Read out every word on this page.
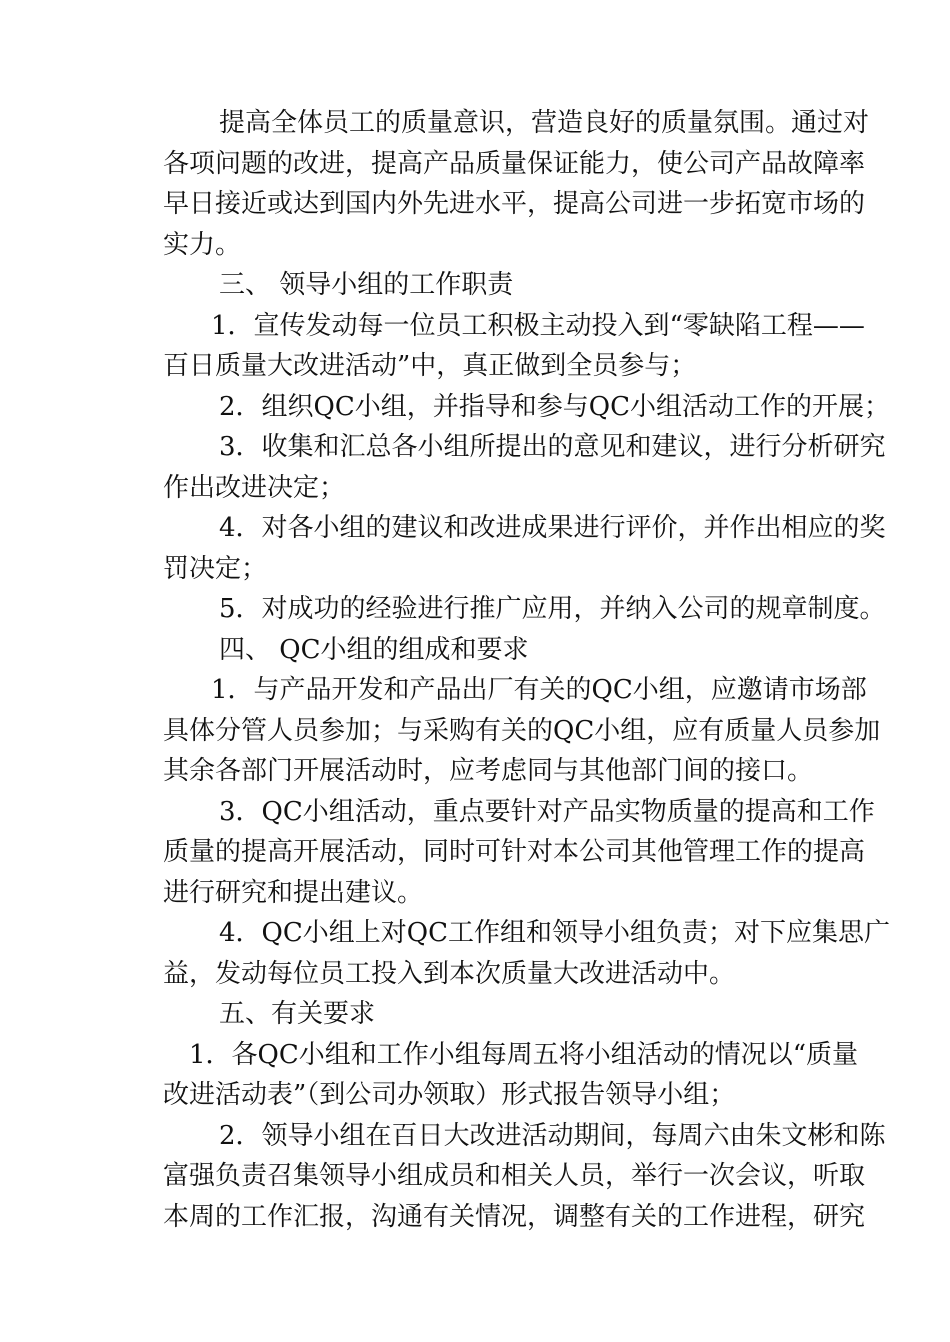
提高全体员工的质量意识，营造良好的质量氛围。通过对
各项问题的改进，提高产品质量保证能力，使公司产品故障率
早日接近或达到国内外先进水平，提高公司进一步拓宽市场的
实力。

三、 领导小组的工作职责

1．宣传发动每一位员工积极主动投入到“零缺陷工程——
百日质量大改进活动”中，真正做到全员参与；

2．组织QC小组，并指导和参与QC小组活动工作的开展；

3．收集和汇总各小组所提出的意见和建议，进行分析研究
作出改进决定；

4．对各小组的建议和改进成果进行评价，并作出相应的奖
罚决定；

5．对成功的经验进行推广应用，并纳入公司的规章制度。

四、 QC小组的组成和要求

1．与产品开发和产品出厂有关的QC小组，应邀请市场部
具体分管人员参加；与采购有关的QC小组，应有质量人员参加
其余各部门开展活动时，应考虑同与其他部门间的接口。

3．QC小组活动，重点要针对产品实物质量的提高和工作
质量的提高开展活动，同时可针对本公司其他管理工作的提高
进行研究和提出建议。

4．QC小组上对QC工作组和领导小组负责；对下应集思广
益，发动每位员工投入到本次质量大改进活动中。

五、有关要求

1．各QC小组和工作小组每周五将小组活动的情况以“质量
改进活动表”（到公司办领取）形式报告领导小组；

2．领导小组在百日大改进活动期间，每周六由朱文彬和陈
富强负责召集领导小组成员和相关人员，举行一次会议，听取
本周的工作汇报，沟通有关情况，调整有关的工作进程，研究
